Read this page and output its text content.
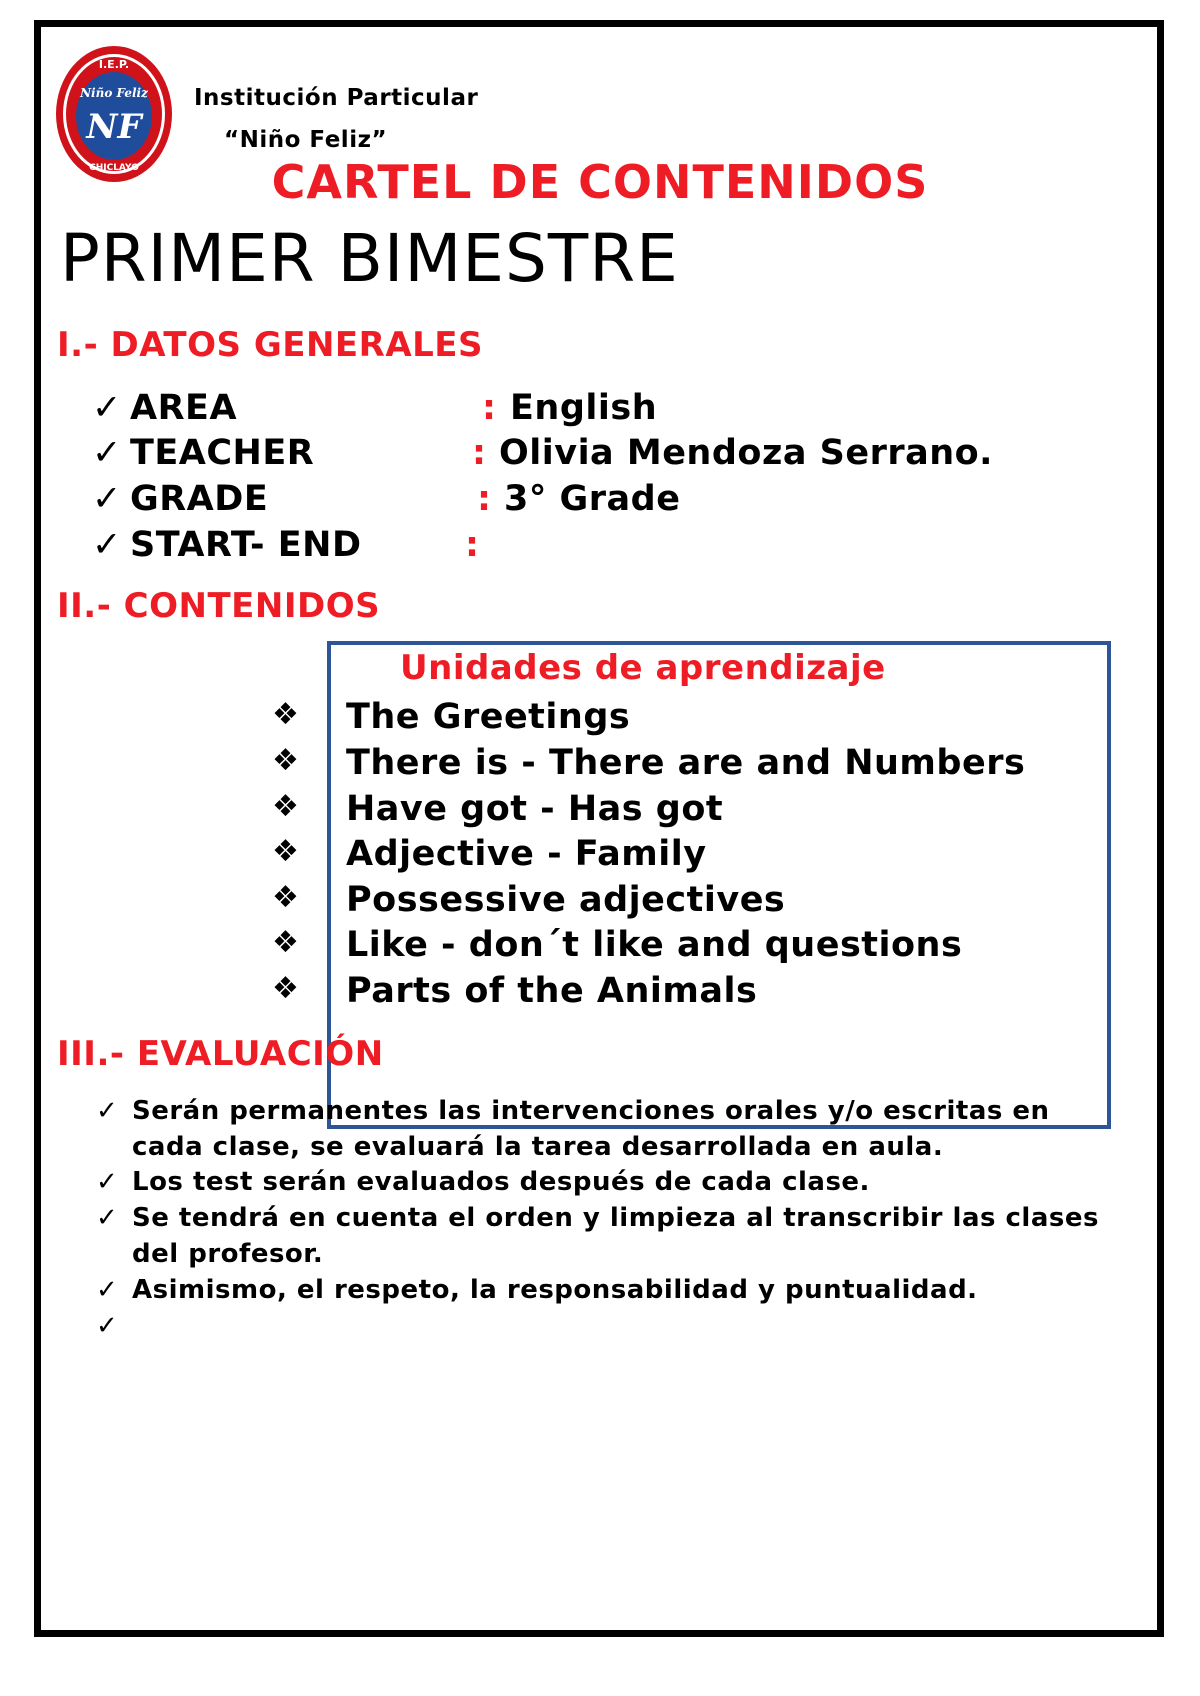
I.E.P.
Niño Feliz
NF
CHICLAYO
Institución Particular
“Niño Feliz”
CARTEL DE CONTENIDOS
PRIMER BIMESTRE
I.- DATOS GENERALES
✓ AREA	: English
✓ TEACHER	: Olivia Mendoza Serrano.
✓ GRADE	: 3° Grade
✓ START- END	:
II.- CONTENIDOS
Unidades de aprendizaje
❖ The Greetings
❖ There is - There are and Numbers
❖ Have got - Has got
❖ Adjective - Family
❖ Possessive adjectives
❖ Like - don´t like and questions
❖ Parts of the Animals
III.- EVALUACIÓN
✓ Serán permanentes las intervenciones orales y/o escritas en cada clase, se evaluará la tarea desarrollada en aula.
✓ Los test serán evaluados después de cada clase.
✓ Se tendrá en cuenta el orden y limpieza al transcribir las clases del profesor.
✓ Asimismo, el respeto, la responsabilidad y puntualidad.
✓
